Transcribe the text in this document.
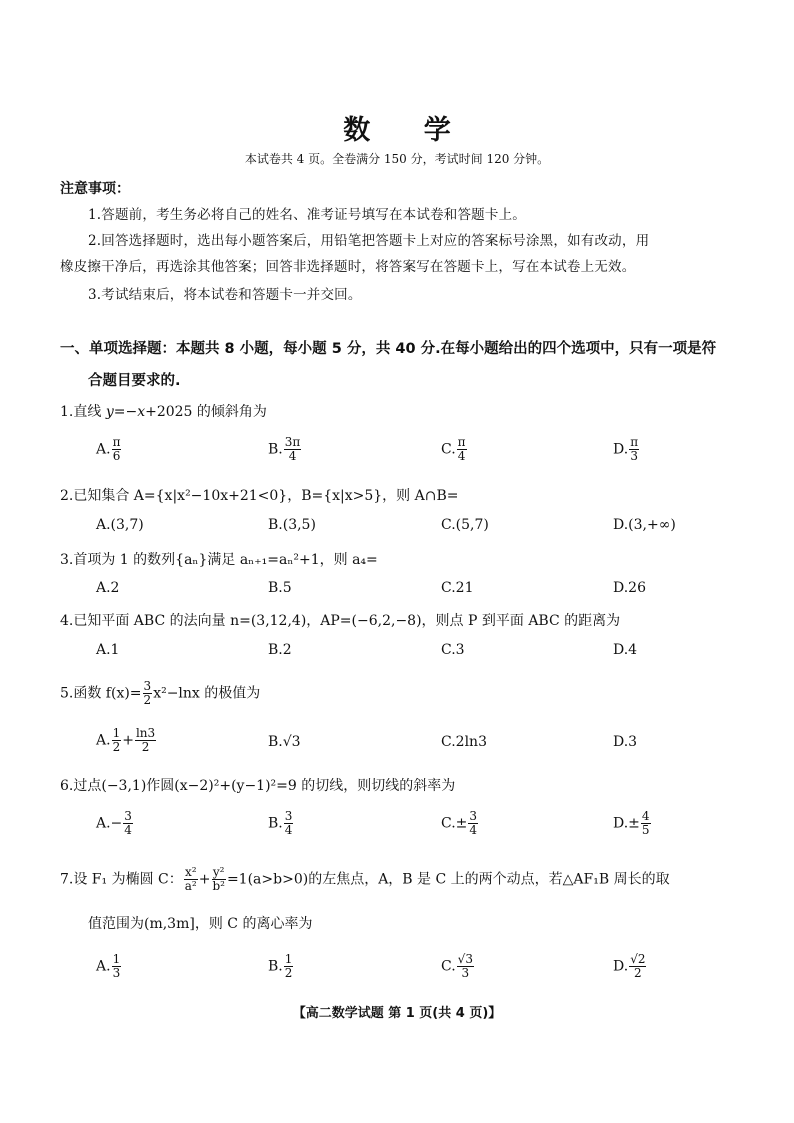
数 学
本试卷共 4 页。全卷满分 150 分，考试时间 120 分钟。
注意事项：
1.答题前，考生务必将自己的姓名、准考证号填写在本试卷和答题卡上。
2.回答选择题时，选出每小题答案后，用铅笔把答题卡上对应的答案标号涂黑，如有改动，用
橡皮擦干净后，再选涂其他答案；回答非选择题时，将答案写在答题卡上，写在本试卷上无效。
3.考试结束后，将本试卷和答题卡一并交回。
一、单项选择题：本题共 8 小题，每小题 5 分，共 40 分.在每小题给出的四个选项中，只有一项是符
合题目要求的.
1.直线 y=−x+2025 的倾斜角为
A. $\frac{\pi}{6}$	B. $\frac{3\pi}{4}$	C. $\frac{\pi}{4}$	D. $\frac{\pi}{3}$
2.已知集合 A={x|x²−10x+21<0}，B={x|x>5}，则 A∩B=
A.(3,7)	B.(3,5)	C.(5,7)	D.(3,+∞)
3.首项为 1 的数列{aₙ}满足 aₙ₊₁=aₙ²+1，则 a₄=
A.2	B.5	C.21	D.26
4.已知平面 ABC 的法向量 n=(3,12,4)，AP=(−6,2,−8)，则点 P 到平面 ABC 的距离为
A.1	B.2	C.3	D.4
5.函数 $f(x)= \frac{3}{2} x^2-\ln x$ 的极值为
A. $\frac{1}{2} + \frac{\ln 3}{2}$	B.√3	C.2ln3	D.3
6.过点(−3,1)作圆(x−2)²+(y−1)²=9 的切线，则切线的斜率为
$A.- \frac{3}{4}$	B. $\frac{3}{4}$	$C.\pm \frac{3}{4}$	$D.\pm \frac{4}{5}$
7.设 F₁ 为椭圆 C： $\frac{\text{x²}}{\text{a²}} + \frac{\text{y²}}{\text{b²}} =1(a>b>0)$的左焦点，A，B 是 C 上的两个动点，若△AF₁B 周长的取
值范围为(m,3m]，则 C 的离心率为
A. $\frac{1}{3}$	B. $\frac{1}{2}$	C. $\frac{√3}{3}$	D. $\frac{√2}{2}$
【高二数学试题 第 1 页(共 4 页)】
